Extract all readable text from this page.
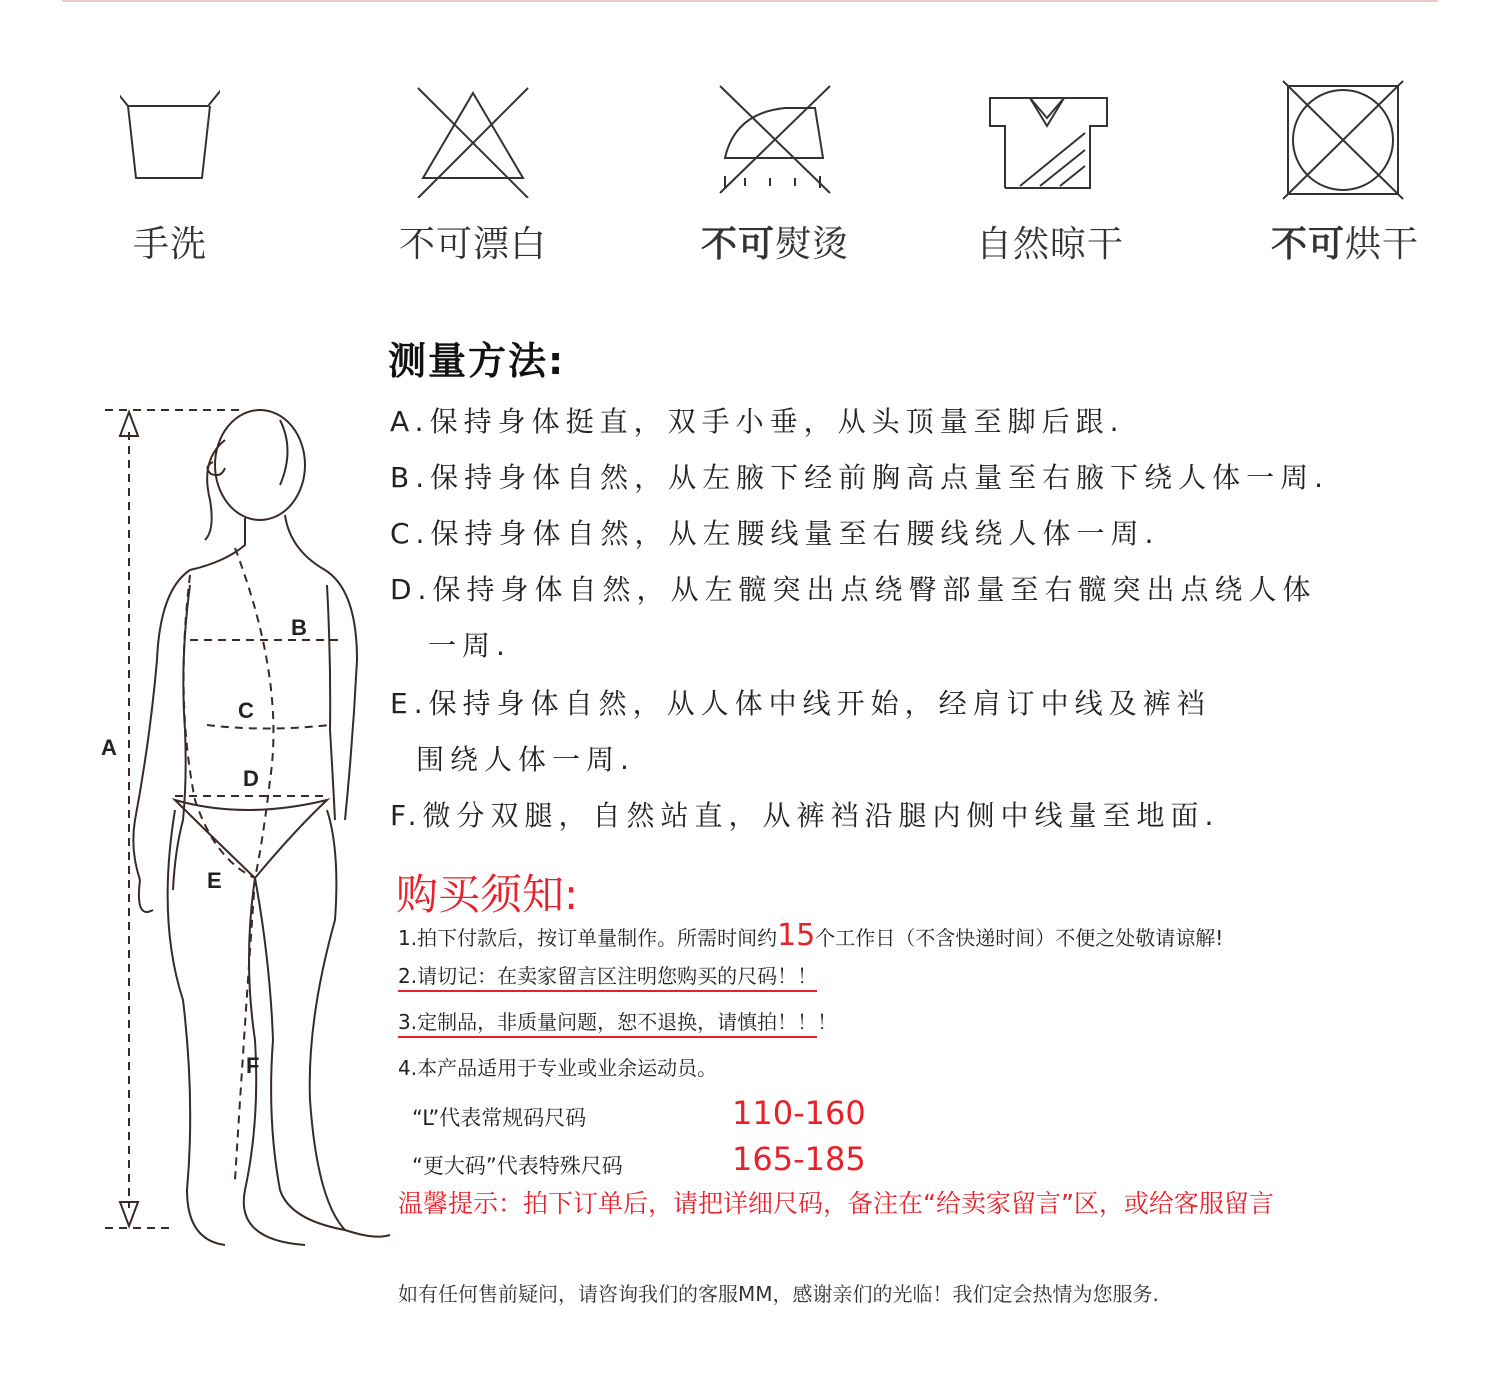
手洗	不可漂白	不可熨烫	自然晾干	不可烘干
A
B
C
D
E
F
测量方法:
A.保持身体挺直，双手小垂，从头顶量至脚后跟.
B.保持身体自然，从左腋下经前胸高点量至右腋下绕人体一周.
C.保持身体自然，从左腰线量至右腰线绕人体一周.
D.保持身体自然，从左髋突出点绕臀部量至右髋突出点绕人体
一周.
E.保持身体自然，从人体中线开始，经肩订中线及裤裆
围绕人体一周.
F.微分双腿，自然站直，从裤裆沿腿内侧中线量至地面.
购买须知:
1.拍下付款后，按订单量制作。所需时间约15个工作日（不含快递时间）不便之处敬请谅解!
2.请切记：在卖家留言区注明您购买的尺码！！
3.定制品，非质量问题，恕不退换，请慎拍！！！
4.本产品适用于专业或业余运动员。
“L”代表常规码尺码	110-160
“更大码”代表特殊尺码	165-185
温馨提示：拍下订单后，请把详细尺码，备注在“给卖家留言”区，或给客服留言
如有任何售前疑问，请咨询我们的客服MM，感谢亲们的光临！我们定会热情为您服务.
